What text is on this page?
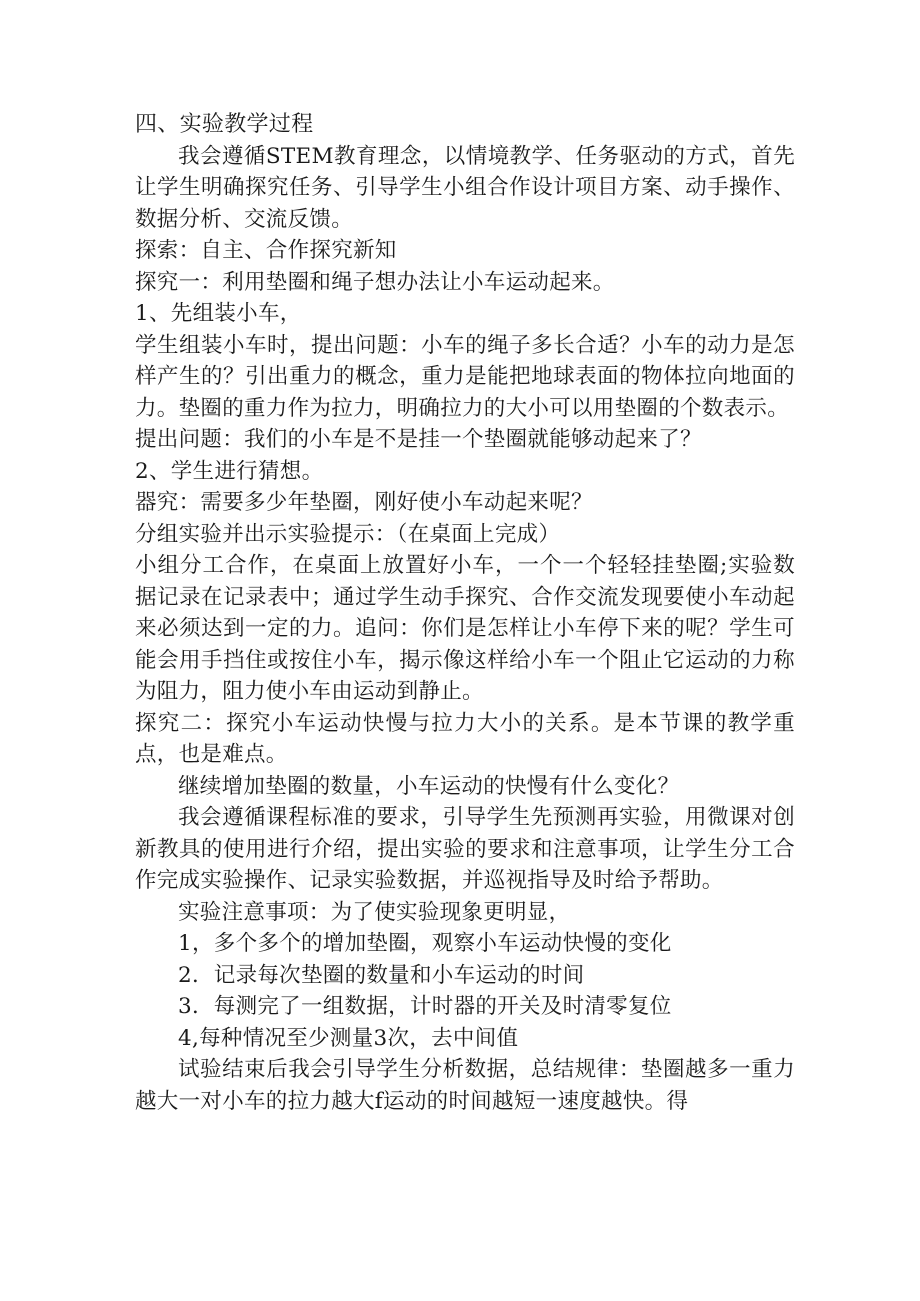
四、实验教学过程

我会遵循STEM教育理念，以情境教学、任务驱动的方式，首先让学生明确探究任务、引导学生小组合作设计项目方案、动手操作、数据分析、交流反馈。

探索：自主、合作探究新知

探究一：利用垫圈和绳子想办法让小车运动起来。

1、先组装小车，

学生组装小车时，提出问题：小车的绳子多长合适？小车的动力是怎样产生的？引出重力的概念，重力是能把地球表面的物体拉向地面的力。垫圈的重力作为拉力，明确拉力的大小可以用垫圈的个数表示。

提出问题：我们的小车是不是挂一个垫圈就能够动起来了？

2、学生进行猜想。

器究：需要多少年垫圈，刚好使小车动起来呢？

分组实验并出示实验提示：（在桌面上完成）

小组分工合作，在桌面上放置好小车，一个一个轻轻挂垫圈;实验数据记录在记录表中；通过学生动手探究、合作交流发现要使小车动起来必须达到一定的力。追问：你们是怎样让小车停下来的呢？学生可能会用手挡住或按住小车，揭示像这样给小车一个阻止它运动的力称为阻力，阻力使小车由运动到静止。

探究二：探究小车运动快慢与拉力大小的关系。是本节课的教学重点，也是难点。

继续增加垫圈的数量，小车运动的快慢有什么变化？

我会遵循课程标准的要求，引导学生先预测再实验，用微课对创新教具的使用进行介绍，提出实验的要求和注意事项，让学生分工合作完成实验操作、记录实验数据，并巡视指导及时给予帮助。

实验注意事项：为了使实验现象更明显，

1，多个多个的增加垫圈，观察小车运动快慢的变化

2．记录每次垫圈的数量和小车运动的时间

3．每测完了一组数据，计时器的开关及时清零复位

4,每种情况至少测量3次，去中间值

试验结束后我会引导学生分析数据，总结规律：垫圈越多一重力越大一对小车的拉力越大f运动的时间越短一速度越快。得
